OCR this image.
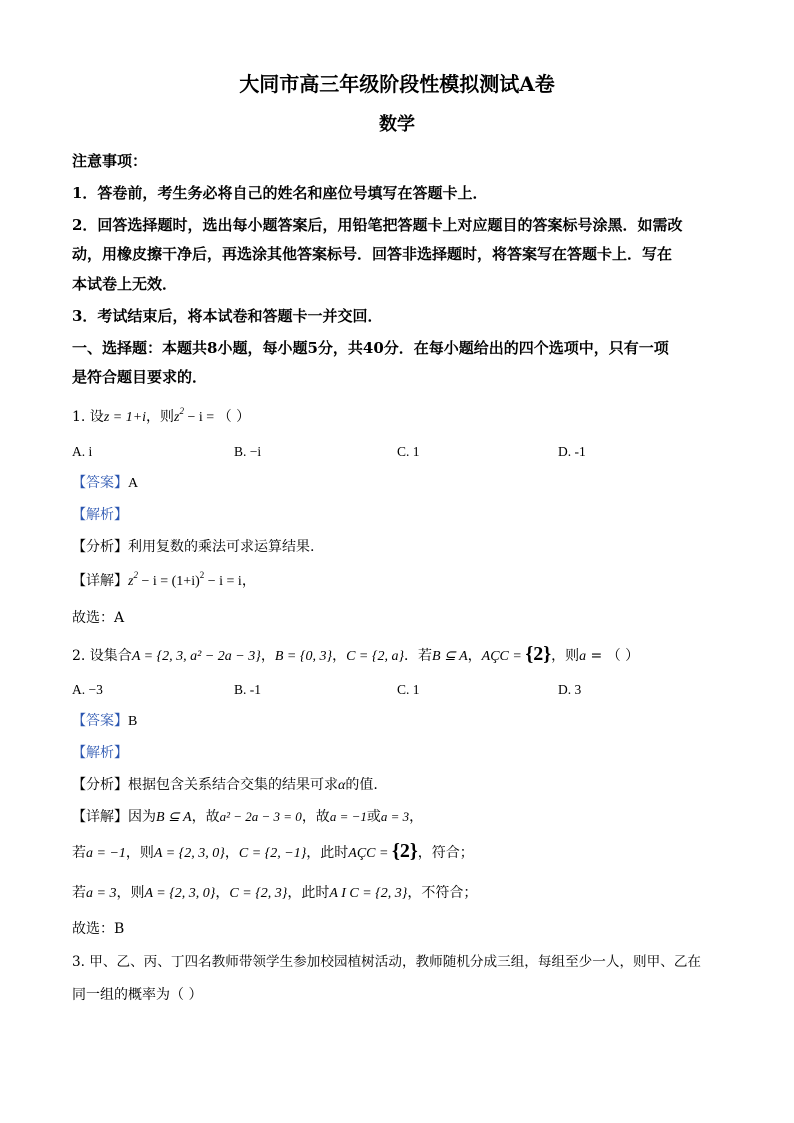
大同市高三年级阶段性模拟测试A卷
数学
注意事项：
1．答卷前，考生务必将自己的姓名和座位号填写在答题卡上．
2．回答选择题时，选出每小题答案后，用铅笔把答题卡上对应题目的答案标号涂黑．如需改
动，用橡皮擦干净后，再选涂其他答案标号．回答非选择题时，将答案写在答题卡上．写在
本试卷上无效．
3．考试结束后，将本试卷和答题卡一并交回．
一、选择题：本题共8小题，每小题5分，共40分．在每小题给出的四个选项中，只有一项
是符合题目要求的．
1. 设z = 1+i，则$z^2 - i$ = （ ）
A. i	B. −i	C. 1	D. -1
【答案】A
【解析】
【分析】利用复数的乘法可求运算结果.
【详解】$z^2 - i = (1+i)^2 - i = i$，
故选：A
2. 设集合A = {2, 3, a² − 2a − 3}，B = {0, 3}，C = {2, a}．若B ⊆ A，AÇC = {2}，则a = （ ）
A. −3	B. -1	C. 1	D. 3
【答案】B
【解析】
【分析】根据包含关系结合交集的结果可求α的值.
【详解】因为B ⊆ A，故a² − 2a − 3 = 0，故a = −1或a = 3，
若a = −1，则A = {2, 3, 0}，C = {2, −1}，此时AÇC = {2}，符合；
若a = 3，则A = {2, 3, 0}，C = {2, 3}，此时A I C = {2, 3}，不符合；
故选：B
3. 甲、乙、丙、丁四名教师带领学生参加校园植树活动，教师随机分成三组，每组至少一人，则甲、乙在
同一组的概率为（ ）
